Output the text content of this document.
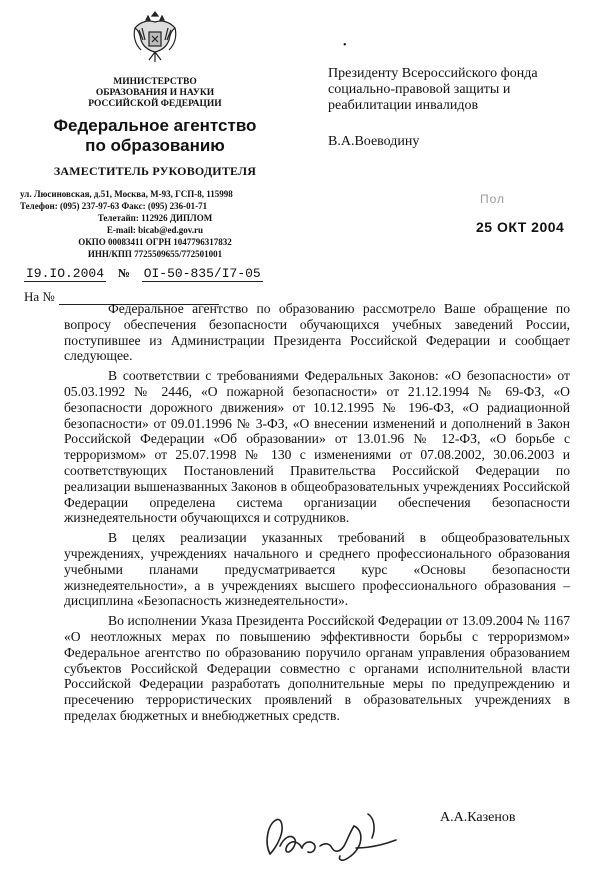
МИНИСТЕРСТВО
ОБРАЗОВАНИЯ И НАУКИ
РОССИЙСКОЙ ФЕДЕРАЦИИ
Федеральное агентство
по образованию
ЗАМЕСТИТЕЛЬ РУКОВОДИТЕЛЯ
ул. Люсиновская, д.51, Москва, М-93, ГСП-8, 115998
Телефон: (095) 237-97-63 Факс: (095) 236-01-71
Телетайп: 112926 ДИПЛОМ
E-mail: bicab@ed.gov.ru
ОКПО 00083411 ОГРН 1047796317832
ИНН/КПП 7725509655/772501001
I9.IO.2004 № OI-50-835/I7-05
На №
•
Президенту Всероссийского фонда
социально-правовой защиты и
реабилитации инвалидов
В.А.Воеводину
Пол
25 ОКТ 2004

Федеральное агентство по образованию рассмотрело Ваше обращение по вопросу обеспечения безопасности обучающихся учебных заведений России, поступившее из Администрации Президента Российской Федерации и сообщает следующее.

В соответствии с требованиями Федеральных Законов: «О безопасности» от 05.03.1992 № 2446, «О пожарной безопасности» от 21.12.1994 № 69-ФЗ, «О безопасности дорожного движения» от 10.12.1995 № 196-ФЗ, «О радиационной безопасности» от 09.01.1996 № 3-ФЗ, «О внесении изменений и дополнений в Закон Российской Федерации «Об образовании» от 13.01.96 № 12-ФЗ, «О борьбе с терроризмом» от 25.07.1998 № 130 с изменениями от 07.08.2002, 30.06.2003 и соответствующих Постановлений Правительства Российской Федерации по реализации вышеназванных Законов в общеобразовательных учреждениях Российской Федерации определена система организации обеспечения безопасности жизнедеятельности обучающихся и сотрудников.

В целях реализации указанных требований в общеобразовательных учреждениях, учреждениях начального и среднего профессионального образования учебными планами предусматривается курс «Основы безопасности жизнедеятельности», а в учреждениях высшего профессионального образования – дисциплина «Безопасность жизнедеятельности».

Во исполнении Указа Президента Российской Федерации от 13.09.2004 № 1167 «О неотложных мерах по повышению эффективности борьбы с терроризмом» Федеральное агентство по образованию поручило органам управления образованием субъектов Российской Федерации совместно с органами исполнительной власти Российской Федерации разработать дополнительные меры по предупреждению и пресечению террористических проявлений в образовательных учреждениях в пределах бюджетных и внебюджетных средств.

А.А.Казенов
